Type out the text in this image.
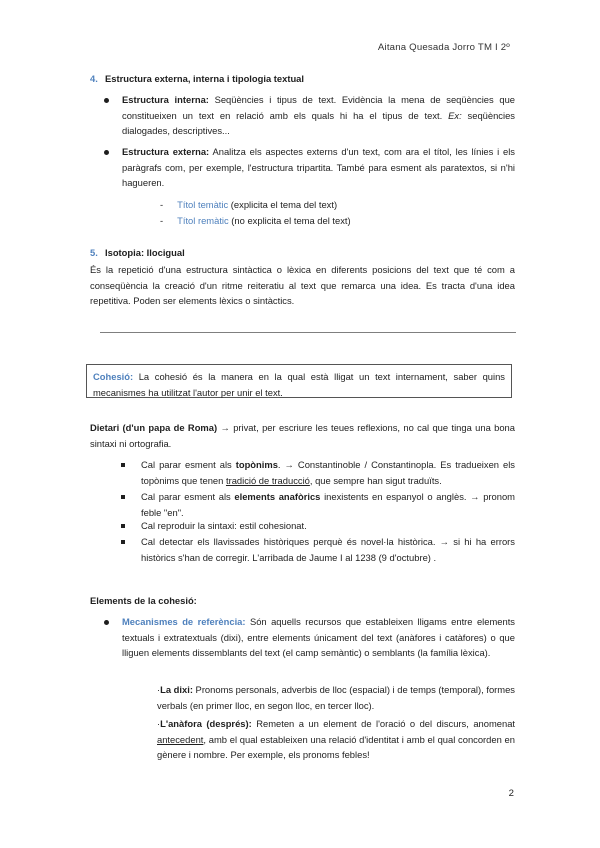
Aitana Quesada Jorro TM I 2º
4. Estructura externa, interna i tipologia textual

Estructura interna: Seqüències i tipus de text. Evidència la mena de seqüències que constitueixen un text en relació amb els quals hi ha el tipus de text. Ex: seqüències dialogades, descriptives...

Estructura externa: Analitza els aspectes externs d'un text, com ara el títol, les línies i els paràgrafs com, per exemple, l'estructura tripartita. També para esment als paratextos, si n'hi hagueren.

- Títol temàtic (explicita el tema del text)
- Títol remàtic (no explicita el tema del text)
5. Isotopia: Ilocigual

És la repetició d'una estructura sintàctica o lèxica en diferents posicions del text que té com a conseqüència la creació d'un ritme reiteratiu al text que remarca una idea. Es tracta d'una idea repetitiva. Poden ser elements lèxics o sintàctics.

Cohesió: La cohesió és la manera en la qual està lligat un text internament, saber quins mecanismes ha utilitzat l'autor per unir el text.

Dietari (d'un papa de Roma) → privat, per escriure les teues reflexions, no cal que tinga una bona sintaxi ni ortografia.

Cal parar esment als topònims. → Constantinoble / Constantinopla. Es tradueixen els topònims que tenen tradició de traducció, que sempre han sigut traduïts.

Cal parar esment als elements anafòrics inexistents en espanyol o anglès. → pronom feble "en".

Cal reproduir la sintaxi: estil cohesionat.

Cal detectar els llavissades històriques perquè és novel·la històrica. → si hi ha errors històrics s'han de corregir. L'arribada de Jaume I al 1238 (9 d'octubre) .

Elements de la cohesió:

Mecanismes de referència: Són aquells recursos que estableixen lligams entre elements textuals i extratextuals (dixi), entre elements únicament del text (anàfores i catàfores) o que lliguen elements dissemblants del text (el camp semàntic) o semblants (la família lèxica).

·La dixi: Pronoms personals, adverbis de lloc (espacial) i de temps (temporal), formes verbals (en primer lloc, en segon lloc, en tercer lloc).

·L'anàfora (després): Remeten a un element de l'oració o del discurs, anomenat antecedent, amb el qual estableixen una relació d'identitat i amb el qual concorden en gènere i nombre. Per exemple, els pronoms febles!

2
